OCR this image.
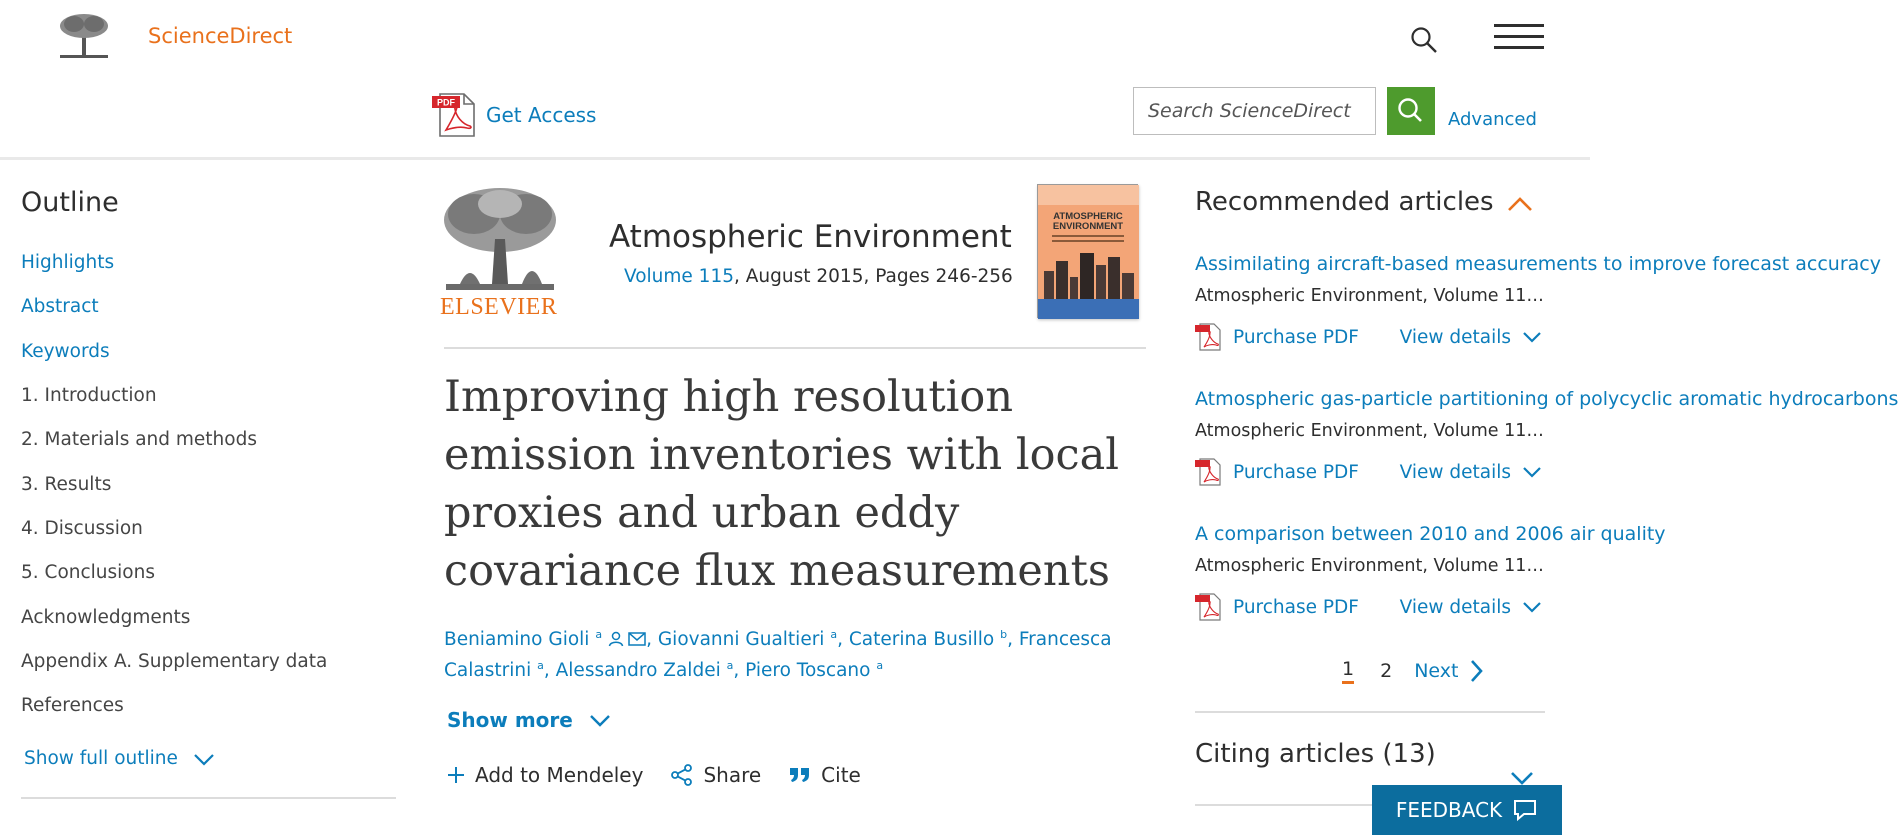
ScienceDirect
PDF
Get Access
Search ScienceDirect	Advanced
Outline
Highlights
Abstract
Keywords
1. Introduction
2. Materials and methods
3. Results
4. Discussion
5. Conclusions
Acknowledgments
Appendix A. Supplementary data
References
Show full outline
ELSEVIER
Atmospheric Environment
Volume 115, August 2015, Pages 246-256
ATMOSPHERIC
ENVIRONMENT
Improving high resolution emission inventories with local proxies and urban eddy covariance flux measurements
Beniamino Gioli $^a$ , Giovanni Gualtieri $^a$, Caterina Busillo $^b$, Francesca Calastrini $^a$, Alessandro Zaldei $^a$, Piero Toscano $^a$
Show more
Add to Mendeley	Share	Cite
Recommended articles
Assimilating aircraft-based measurements to improve forecast accuracy
Atmospheric Environment, Volume 11…
Purchase PDF View details
Atmospheric gas-particle partitioning of polycyclic aromatic hydrocarbons
Atmospheric Environment, Volume 11…
Purchase PDF View details
A comparison between 2010 and 2006 air quality
Atmospheric Environment, Volume 11…
Purchase PDF View details
1 2 Next
Citing articles (13)
FEEDBACK
